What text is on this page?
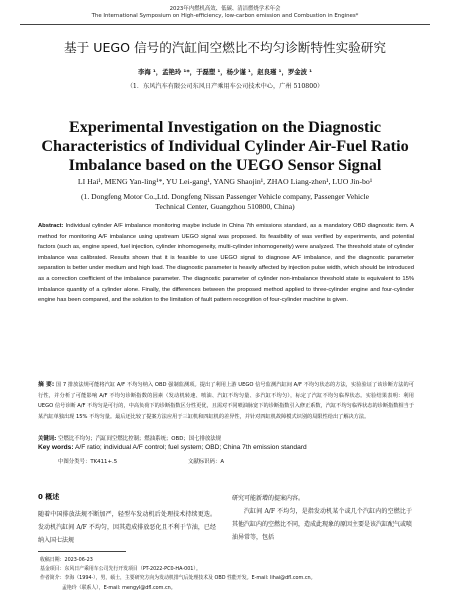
2023年内燃机高效、低碳、清洁燃烧学术年会
The International Symposium on High-efficiency, low-carbon emission and Combustion in Engines*
基于 UEGO 信号的汽缸间空燃比不均匀诊断特性实验研究
李海 ¹，孟艳玲 ¹*，于磊塑 ¹，杨少谨 ¹，赵良瑾 ¹，罗金波 ¹
（1．东风汽车有限公司东风日产乘用车公司技术中心，广州 510800）
Experimental Investigation on the Diagnostic Characteristics of Individual Cylinder Air-Fuel Ratio Imbalance based on the UEGO Sensor Signal
LI Hai¹, MENG Yan-ling¹*, YU Lei-gang¹, YANG Shaojin¹, ZHAO Liang-zhen¹, LUO Jin-bo¹
(1. Dongfeng Motor Co.,Ltd. Dongfeng Nissan Passenger Vehicle company, Passenger Vehicle
Technical Center, Guangzhou 510800, China)
Abstract: Individual cylinder A/F imbalance monitoring maybe include in China 7th emissions standard, as a mandatory OBD diagnostic item. A method for monitoring A/F imbalance using upstream UEGO signal was proposed. Its feasibility of was verified by experiments, and potential factors (such as, engine speed, fuel injection, cylinder inhomogeneity, multi-cylinder inhomogeneity) were analyzed. The threshold state of cylinder imbalance was calibrated. Results shown that it is feasible to use UEGO signal to diagnose A/F imbalance, and the diagnostic parameter separation is better under medium and high load. The diagnostic parameter is heavily affected by injection pulse width, which should be introduced as a correction coefficient of the imbalance parameter. The diagnostic parameter of cylinder non-imbalance threshold state is equivalent to 15% imbalance quantity of a cylinder alone. Finally, the differences between the proposed method applied to three-cylinder engine and four-cylinder engine has been compared, and the solution to the limitation of fault pattern recognition of four-cylinder machine is given.
摘 要: 国 7 排放法规可能将汽缸 A/F 不均匀纳入 OBD 强制监测项。提出了利用上游 UEGO 信号监测汽缸间 A/F 不均匀状态的方法，实验验证了该诊断方法的可行性，并分析了可能影响 A/F 不均匀诊断指数的因素（发动机转速、喷油、汽缸不均匀量、多汽缸不均匀），标定了汽缸不均匀临界状态。实验结果表明：利用 UEGO 信号诊断 A/F 不均匀是可行的，中高负荷下的诊断指数区分性更优，且需对不同喷油脉宽下的诊断指数引入修正系数，汽缸不均匀临界状态的诊断指数相当于某汽缸单独出现 15% 不均匀量。最后还比较了提案方法应用于三缸机和四缸机的差异性，并针对四缸机故障模式识别的局限性给出了解决方法。
关键词: 空燃比不均匀；汽缸间空燃比控制；燃油系统；OBD；国七排放法规
Key words: A/F ratio; individual A/F control; fuel system; OBD; China 7th emission standard
中图分类号：TK411+.5	文献标识码：A
0 概述

随着中国排放法规不断加严，轻型车发动机后处理技术持续更迭。发动机汽缸间 A/F 不均匀，因其造成排放恶化且不利于节油，已经纳入国七法规

研究可能新增的提案内容。

汽缸间 A/F 不均匀，是指发动机某个或几个汽缸内的空燃比于其他汽缸内的空燃比不同，造成此现象的原因主要是该汽缸配气或喷油异常等，包括

收稿日期：2023-06-23
基金项目：东风日产乘用车公司先行开发项目（PT-2022-PC0-HA-001）。
作者简介：李海（1994·），男，硕士，主要研究方向为发动机排气后处理技术及 OBD 性能开发。E-mail: lihai@dfl.com.cn。
孟艳玲（联系人），E-mail: mengyl@dfl.com.cn。
